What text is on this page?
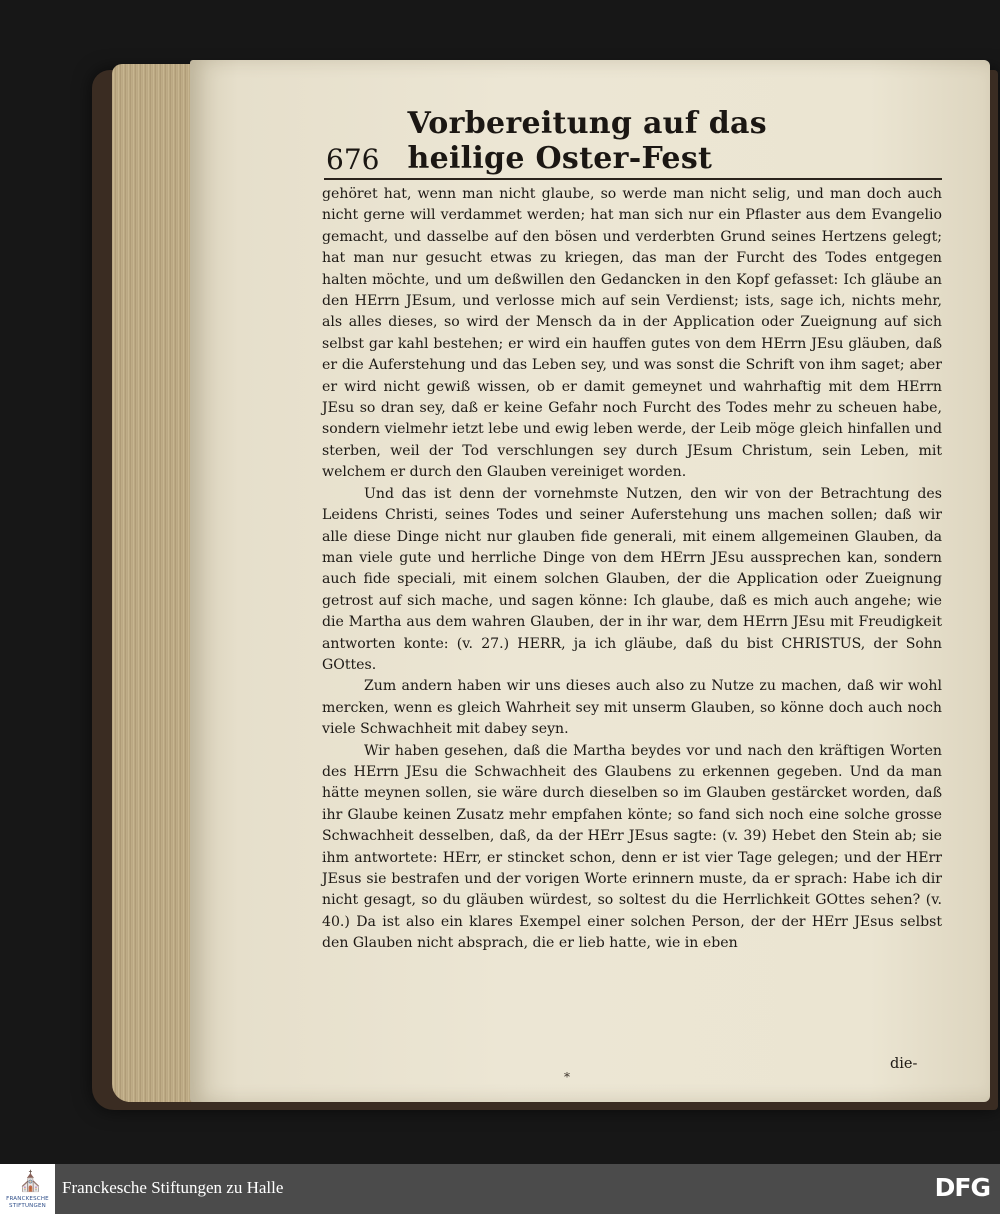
676
Vorbereitung auf das heilige Oster-Fest

gehöret hat, wenn man nicht glaube, so werde man nicht selig, und man doch auch nicht gerne will verdammet werden; hat man sich nur ein Pflaster aus dem Evangelio gemacht, und dasselbe auf den bösen und verderbten Grund seines Hertzens gelegt; hat man nur gesucht etwas zu kriegen, das man der Furcht des Todes entgegen halten möchte, und um deßwillen den Gedancken in den Kopf gefasset: Ich gläube an den HErrn JEsum, und verlosse mich auf sein Verdienst; ists, sage ich, nichts mehr, als alles dieses, so wird der Mensch da in der Application oder Zueignung auf sich selbst gar kahl bestehen; er wird ein hauffen gutes von dem HErrn JEsu gläuben, daß er die Auferstehung und das Leben sey, und was sonst die Schrift von ihm saget; aber er wird nicht gewiß wissen, ob er damit gemeynet und wahrhaftig mit dem HErrn JEsu so dran sey, daß er keine Gefahr noch Furcht des Todes mehr zu scheuen habe, sondern vielmehr ietzt lebe und ewig leben werde, der Leib möge gleich hinfallen und sterben, weil der Tod verschlungen sey durch JEsum Christum, sein Leben, mit welchem er durch den Glauben vereiniget worden.

Und das ist denn der vornehmste Nutzen, den wir von der Betrachtung des Leidens Christi, seines Todes und seiner Auferstehung uns machen sollen; daß wir alle diese Dinge nicht nur glauben fide generali, mit einem allgemeinen Glauben, da man viele gute und herrliche Dinge von dem HErrn JEsu aussprechen kan, sondern auch fide speciali, mit einem solchen Glauben, der die Application oder Zueignung getrost auf sich mache, und sagen könne: Ich glaube, daß es mich auch angehe; wie die Martha aus dem wahren Glauben, der in ihr war, dem HErrn JEsu mit Freudigkeit antworten konte: (v. 27.) HERR, ja ich gläube, daß du bist CHRISTUS, der Sohn GOttes.

Zum andern haben wir uns dieses auch also zu Nutze zu machen, daß wir wohl mercken, wenn es gleich Wahrheit sey mit unserm Glauben, so könne doch auch noch viele Schwachheit mit dabey seyn.

Wir haben gesehen, daß die Martha beydes vor und nach den kräftigen Worten des HErrn JEsu die Schwachheit des Glaubens zu erkennen gegeben. Und da man hätte meynen sollen, sie wäre durch dieselben so im Glauben gestärcket worden, daß ihr Glaube keinen Zusatz mehr empfahen könte; so fand sich noch eine solche grosse Schwachheit desselben, daß, da der HErr JEsus sagte: (v. 39) Hebet den Stein ab; sie ihm antwortete: HErr, er stincket schon, denn er ist vier Tage gelegen; und der HErr JEsus sie bestrafen und der vorigen Worte erinnern muste, da er sprach: Habe ich dir nicht gesagt, so du gläuben würdest, so soltest du die Herrlichkeit GOttes sehen? (v. 40.) Da ist also ein klares Exempel einer solchen Person, der der HErr JEsus selbst den Glauben nicht absprach, die er lieb hatte, wie in eben

die-
*
⛪
FRANCKESCHE STIFTUNGEN
Franckesche Stiftungen zu Halle	DFG
